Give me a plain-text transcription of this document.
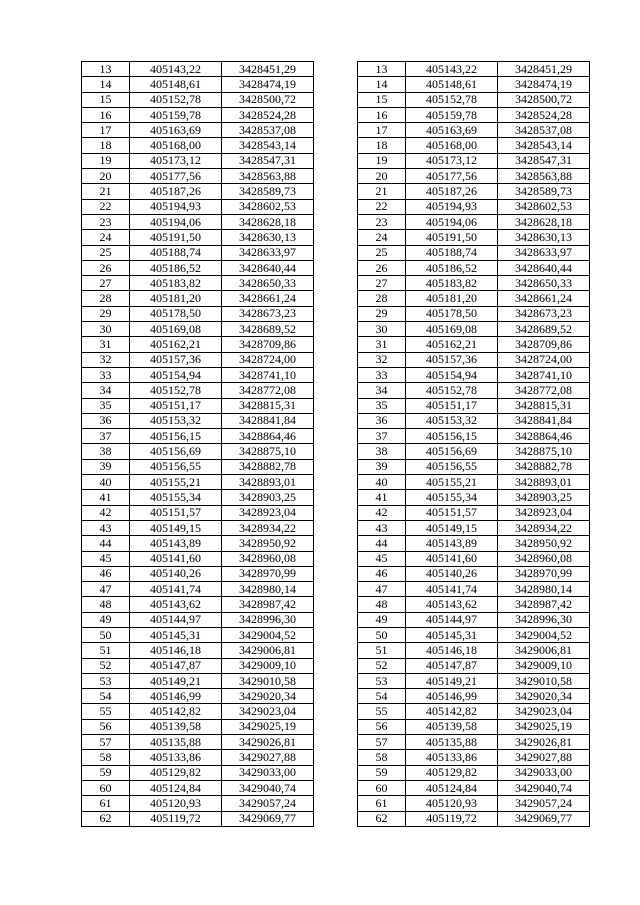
13	405143,22	3428451,29		13	405143,22	3428451,29
14	405148,61	3428474,19		14	405148,61	3428474,19
15	405152,78	3428500,72		15	405152,78	3428500,72
16	405159,78	3428524,28		16	405159,78	3428524,28
17	405163,69	3428537,08		17	405163,69	3428537,08
18	405168,00	3428543,14		18	405168,00	3428543,14
19	405173,12	3428547,31		19	405173,12	3428547,31
20	405177,56	3428563,88		20	405177,56	3428563,88
21	405187,26	3428589,73		21	405187,26	3428589,73
22	405194,93	3428602,53		22	405194,93	3428602,53
23	405194,06	3428628,18		23	405194,06	3428628,18
24	405191,50	3428630,13		24	405191,50	3428630,13
25	405188,74	3428633,97		25	405188,74	3428633,97
26	405186,52	3428640,44		26	405186,52	3428640,44
27	405183,82	3428650,33		27	405183,82	3428650,33
28	405181,20	3428661,24		28	405181,20	3428661,24
29	405178,50	3428673,23		29	405178,50	3428673,23
30	405169,08	3428689,52		30	405169,08	3428689,52
31	405162,21	3428709,86		31	405162,21	3428709,86
32	405157,36	3428724,00		32	405157,36	3428724,00
33	405154,94	3428741,10		33	405154,94	3428741,10
34	405152,78	3428772,08		34	405152,78	3428772,08
35	405151,17	3428815,31		35	405151,17	3428815,31
36	405153,32	3428841,84		36	405153,32	3428841,84
37	405156,15	3428864,46		37	405156,15	3428864,46
38	405156,69	3428875,10		38	405156,69	3428875,10
39	405156,55	3428882,78		39	405156,55	3428882,78
40	405155,21	3428893,01		40	405155,21	3428893,01
41	405155,34	3428903,25		41	405155,34	3428903,25
42	405151,57	3428923,04		42	405151,57	3428923,04
43	405149,15	3428934,22		43	405149,15	3428934,22
44	405143,89	3428950,92		44	405143,89	3428950,92
45	405141,60	3428960,08		45	405141,60	3428960,08
46	405140,26	3428970,99		46	405140,26	3428970,99
47	405141,74	3428980,14		47	405141,74	3428980,14
48	405143,62	3428987,42		48	405143,62	3428987,42
49	405144,97	3428996,30		49	405144,97	3428996,30
50	405145,31	3429004,52		50	405145,31	3429004,52
51	405146,18	3429006,81		51	405146,18	3429006,81
52	405147,87	3429009,10		52	405147,87	3429009,10
53	405149,21	3429010,58		53	405149,21	3429010,58
54	405146,99	3429020,34		54	405146,99	3429020,34
55	405142,82	3429023,04		55	405142,82	3429023,04
56	405139,58	3429025,19		56	405139,58	3429025,19
57	405135,88	3429026,81		57	405135,88	3429026,81
58	405133,86	3429027,88		58	405133,86	3429027,88
59	405129,82	3429033,00		59	405129,82	3429033,00
60	405124,84	3429040,74		60	405124,84	3429040,74
61	405120,93	3429057,24		61	405120,93	3429057,24
62	405119,72	3429069,77		62	405119,72	3429069,77
